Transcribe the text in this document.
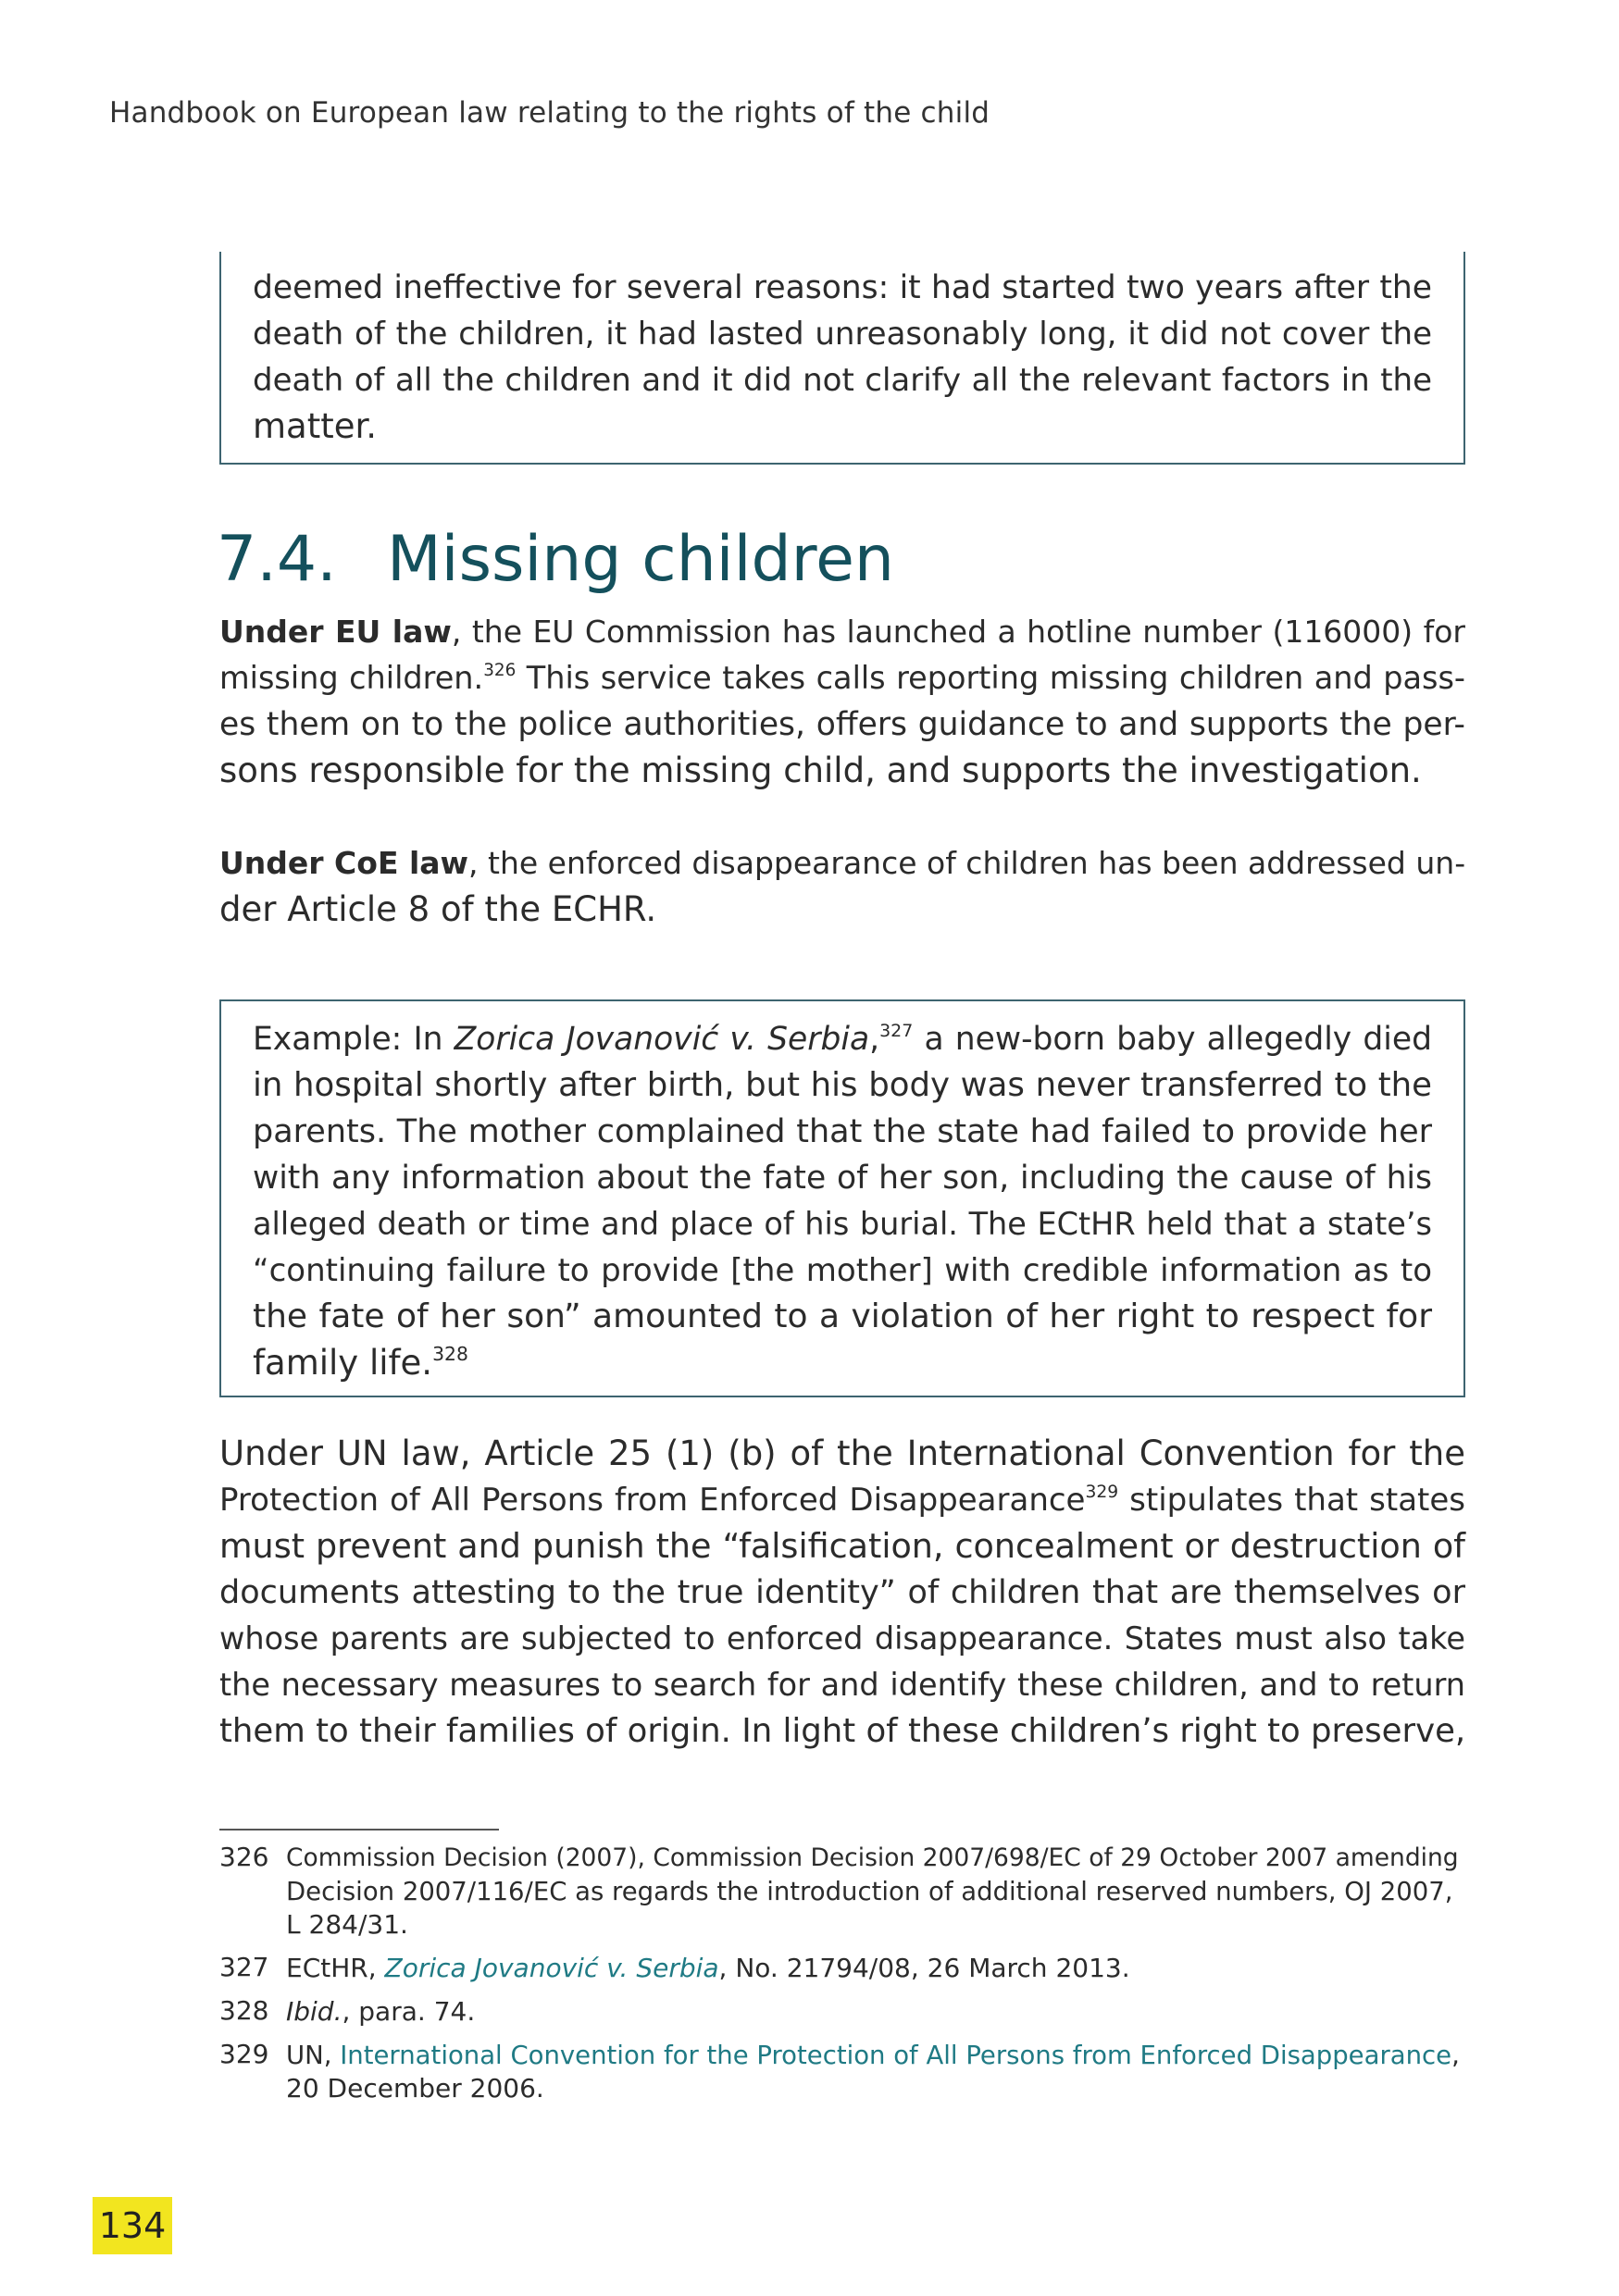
Handbook on European law relating to the rights of the child
deemed ineffective for several reasons: it had started two years after the
death of the children, it had lasted unreasonably long, it did not cover the
death of all the children and it did not clarify all the relevant factors in the
matter.
7.4. Missing children
Under EU law, the EU Commission has launched a hotline number (116000) for
missing children.$^{326}$ This service takes calls reporting missing children and pass-
es them on to the police authorities, offers guidance to and supports the per-
sons responsible for the missing child, and supports the investigation.
Under CoE law, the enforced disappearance of children has been addressed un-
der Article 8 of the ECHR.
Example: In Zorica Jovanović v. Serbia,$^{327}$ a new-born baby allegedly died
in hospital shortly after birth, but his body was never transferred to the
parents. The mother complained that the state had failed to provide her
with any information about the fate of her son, including the cause of his
alleged death or time and place of his burial. The ECtHR held that a state’s
“continuing failure to provide [the mother] with credible information as to
the fate of her son” amounted to a violation of her right to respect for
family life.$^{328}$
Under UN law, Article 25 (1) (b) of the International Convention for the
Protection of All Persons from Enforced Disappearance$^{329}$ stipulates that states
must prevent and punish the “falsification, concealment or destruction of
documents attesting to the true identity” of children that are themselves or
whose parents are subjected to enforced disappearance. States must also take
the necessary measures to search for and identify these children, and to return
them to their families of origin. In light of these children’s right to preserve,
326 Commission Decision (2007), Commission Decision 2007/698/EC of 29 October 2007 amending
Decision 2007/116/EC as regards the introduction of additional reserved numbers, OJ 2007,
L 284/31.
327 ECtHR, Zorica Jovanović v. Serbia, No. 21794/08, 26 March 2013.
328 Ibid., para. 74.
329 UN, International Convention for the Protection of All Persons from Enforced Disappearance,
20 December 2006.
134
